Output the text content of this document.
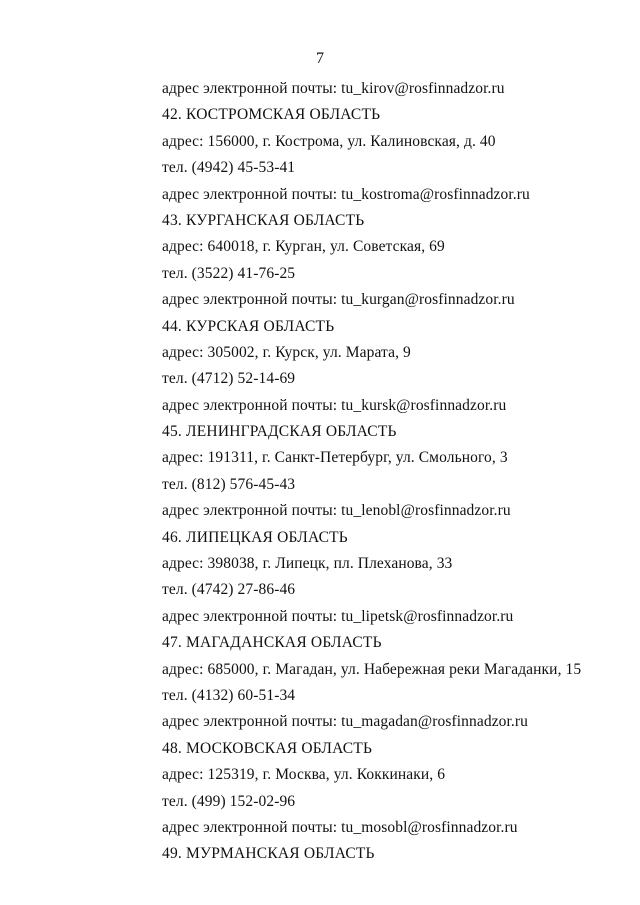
7
адрес электронной почты: tu_kirov@rosfinnadzor.ru
42. КОСТРОМСКАЯ ОБЛАСТЬ
адрес: 156000, г. Кострома, ул. Калиновская, д. 40
тел. (4942) 45-53-41
адрес электронной почты: tu_kostroma@rosfinnadzor.ru
43. КУРГАНСКАЯ ОБЛАСТЬ
адрес: 640018, г. Курган, ул. Советская, 69
тел. (3522) 41-76-25
адрес электронной почты: tu_kurgan@rosfinnadzor.ru
44. КУРСКАЯ ОБЛАСТЬ
адрес: 305002, г. Курск, ул. Марата, 9
тел. (4712) 52-14-69
адрес электронной почты: tu_kursk@rosfinnadzor.ru
45. ЛЕНИНГРАДСКАЯ ОБЛАСТЬ
адрес: 191311, г. Санкт-Петербург, ул. Смольного, 3
тел. (812) 576-45-43
адрес электронной почты: tu_lenobl@rosfinnadzor.ru
46. ЛИПЕЦКАЯ ОБЛАСТЬ
адрес: 398038, г. Липецк, пл. Плеханова, 33
тел. (4742) 27-86-46
адрес электронной почты: tu_lipetsk@rosfinnadzor.ru
47. МАГАДАНСКАЯ ОБЛАСТЬ
адрес: 685000, г. Магадан, ул. Набережная реки Магаданки, 15
тел. (4132) 60-51-34
адрес электронной почты: tu_magadan@rosfinnadzor.ru
48. МОСКОВСКАЯ ОБЛАСТЬ
адрес: 125319, г. Москва, ул. Коккинаки, 6
тел. (499) 152-02-96
адрес электронной почты: tu_mosobl@rosfinnadzor.ru
49. МУРМАНСКАЯ ОБЛАСТЬ
